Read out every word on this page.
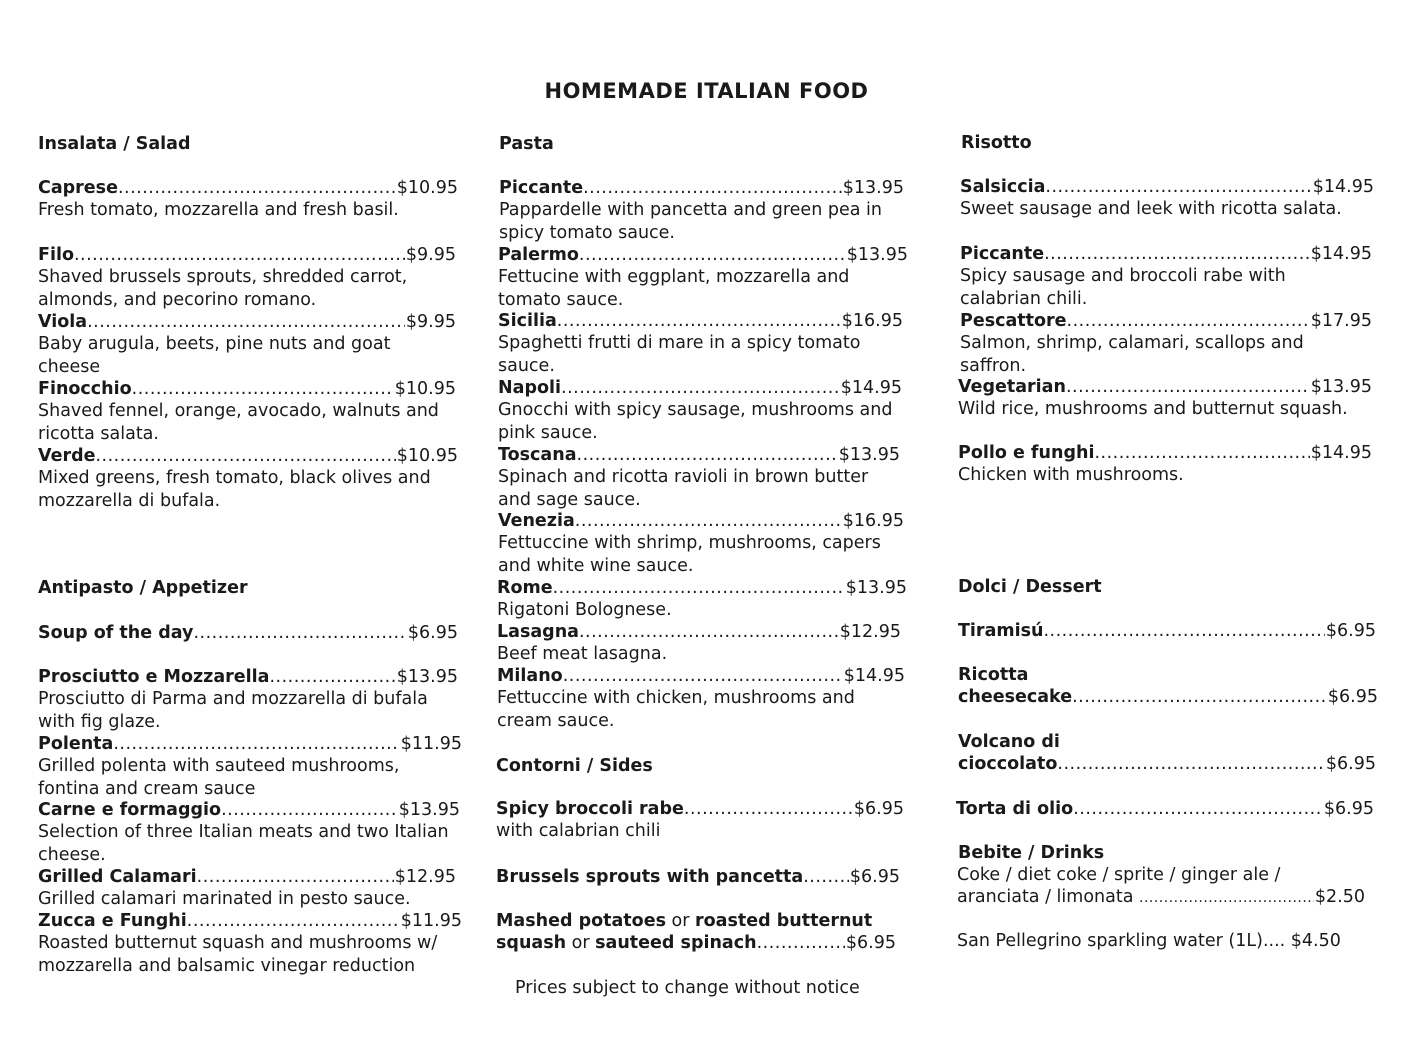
HOMEMADE ITALIAN FOOD
Insalata / Salad
Caprese .....	$10.95
Fresh tomato, mozzarella and fresh basil.
Filo .....	$9.95
Shaved brussels sprouts, shredded carrot, almonds, and pecorino romano.
Viola .....	$9.95
Baby arugula, beets, pine nuts and goat cheese
Finocchio .....	$10.95
Shaved fennel, orange, avocado, walnuts and ricotta salata.
Verde .....	$10.95
Mixed greens, fresh tomato, black olives and mozzarella di bufala.
Antipasto / Appetizer
Soup of the day .....	$6.95
Prosciutto e Mozzarella .....	$13.95
Prosciutto di Parma and mozzarella di bufala with fig glaze.
Polenta .....	$11.95
Grilled polenta with sauteed mushrooms, fontina and cream sauce
Carne e formaggio .....	$13.95
Selection of three Italian meats and two Italian cheese.
Grilled Calamari .....	$12.95
Grilled calamari marinated in pesto sauce.
Zucca e Funghi .....	$11.95
Roasted butternut squash and mushrooms w/ mozzarella and balsamic vinegar reduction
Pasta
Piccante .....	$13.95
Pappardelle with pancetta and green pea in spicy tomato sauce.
Palermo .....	$13.95
Fettucine with eggplant, mozzarella and tomato sauce.
Sicilia .....	$16.95
Spaghetti frutti di mare in a spicy tomato sauce.
Napoli .....	$14.95
Gnocchi with spicy sausage, mushrooms and pink sauce.
Toscana .....	$13.95
Spinach and ricotta ravioli in brown butter and sage sauce.
Venezia .....	$16.95
Fettuccine with shrimp, mushrooms, capers and white wine sauce.
Rome .....	$13.95
Rigatoni Bolognese.
Lasagna .....	$12.95
Beef meat lasagna.
Milano .....	$14.95
Fettuccine with chicken, mushrooms and cream sauce.
Contorni / Sides
Spicy broccoli rabe .....	$6.95
with calabrian chili
Brussels sprouts with pancetta .....	$6.95
Mashed potatoes or roasted butternut
squash or sauteed spinach .....	$6.95
Prices subject to change without notice
Risotto
Salsiccia .....	$14.95
Sweet sausage and leek with ricotta salata.
Piccante .....	$14.95
Spicy sausage and broccoli rabe with calabrian chili.
Pescattore .....	$17.95
Salmon, shrimp, calamari, scallops and saffron.
Vegetarian .....	$13.95
Wild rice, mushrooms and butternut squash.
Pollo e funghi .....	$14.95
Chicken with mushrooms.
Dolci / Dessert
Tiramisú .....	$6.95
Ricotta
cheesecake .....	$6.95
Volcano di
cioccolato .....	$6.95
Torta di olio .....	$6.95
Bebite / Drinks
Coke / diet coke / sprite / ginger ale /
aranciata / limonata .....	$2.50
San Pellegrino sparkling water (1L).... $4.50
